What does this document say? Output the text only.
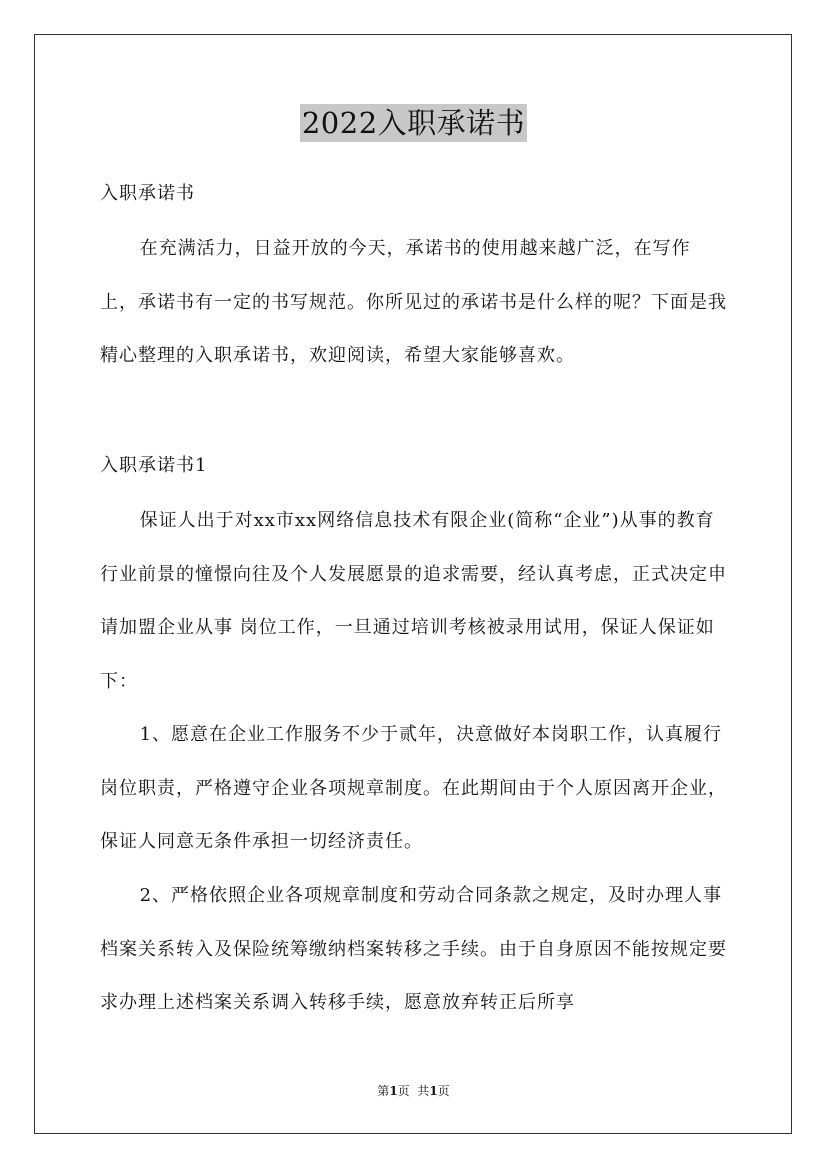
2022入职承诺书

入职承诺书

在充满活力，日益开放的今天，承诺书的使用越来越广泛，在写作上，承诺书有一定的书写规范。你所见过的承诺书是什么样的呢？下面是我精心整理的入职承诺书，欢迎阅读，希望大家能够喜欢。

入职承诺书1

保证人出于对xx市xx网络信息技术有限企业(简称“企业”)从事的教育行业前景的憧憬向往及个人发展愿景的追求需要，经认真考虑，正式决定申请加盟企业从事 岗位工作，一旦通过培训考核被录用试用，保证人保证如下：

1、愿意在企业工作服务不少于贰年，决意做好本岗职工作，认真履行岗位职责，严格遵守企业各项规章制度。在此期间由于个人原因离开企业，保证人同意无条件承担一切经济责任。

2、严格依照企业各项规章制度和劳动合同条款之规定，及时办理人事档案关系转入及保险统筹缴纳档案转移之手续。由于自身原因不能按规定要求办理上述档案关系调入转移手续，愿意放弃转正后所享

第1页  共1页
